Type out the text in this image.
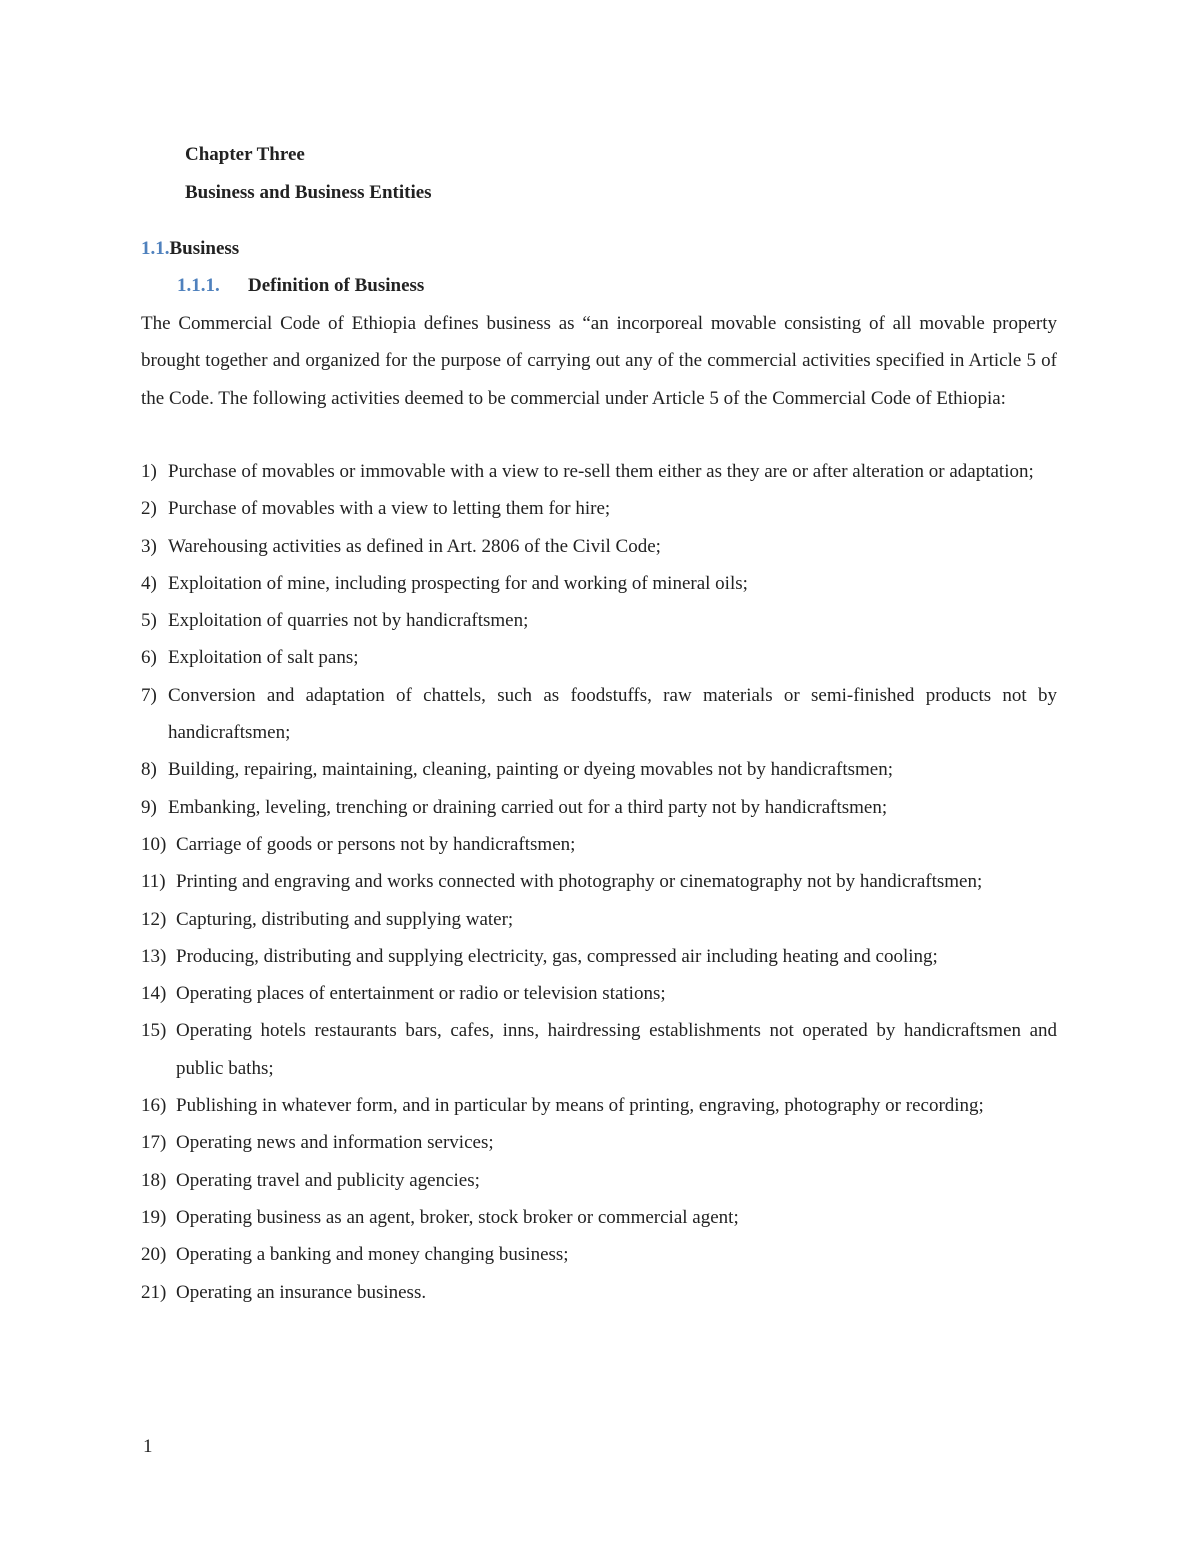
Chapter Three
Business and Business Entities
1.1.Business
1.1.1. Definition of Business

The Commercial Code of Ethiopia defines business as “an incorporeal movable consisting of all movable property brought together and organized for the purpose of carrying out any of the commercial activities specified in Article 5 of the Code. The following activities deemed to be commercial under Article 5 of the Commercial Code of Ethiopia:

1) Purchase of movables or immovable with a view to re-sell them either as they are or after alteration or adaptation;
2) Purchase of movables with a view to letting them for hire;
3) Warehousing activities as defined in Art. 2806 of the Civil Code;
4) Exploitation of mine, including prospecting for and working of mineral oils;
5) Exploitation of quarries not by handicraftsmen;
6) Exploitation of salt pans;
7) Conversion and adaptation of chattels, such as foodstuffs, raw materials or semi-finished products not by handicraftsmen;
8) Building, repairing, maintaining, cleaning, painting or dyeing movables not by handicraftsmen;
9) Embanking, leveling, trenching or draining carried out for a third party not by handicraftsmen;
10) Carriage of goods or persons not by handicraftsmen;
11) Printing and engraving and works connected with photography or cinematography not by handicraftsmen;
12) Capturing, distributing and supplying water;
13) Producing, distributing and supplying electricity, gas, compressed air including heating and cooling;
14) Operating places of entertainment or radio or television stations;
15) Operating hotels restaurants bars, cafes, inns, hairdressing establishments not operated by handicraftsmen and public baths;
16) Publishing in whatever form, and in particular by means of printing, engraving, photography or recording;
17) Operating news and information services;
18) Operating travel and publicity agencies;
19) Operating business as an agent, broker, stock broker or commercial agent;
20) Operating a banking and money changing business;
21) Operating an insurance business.
1
